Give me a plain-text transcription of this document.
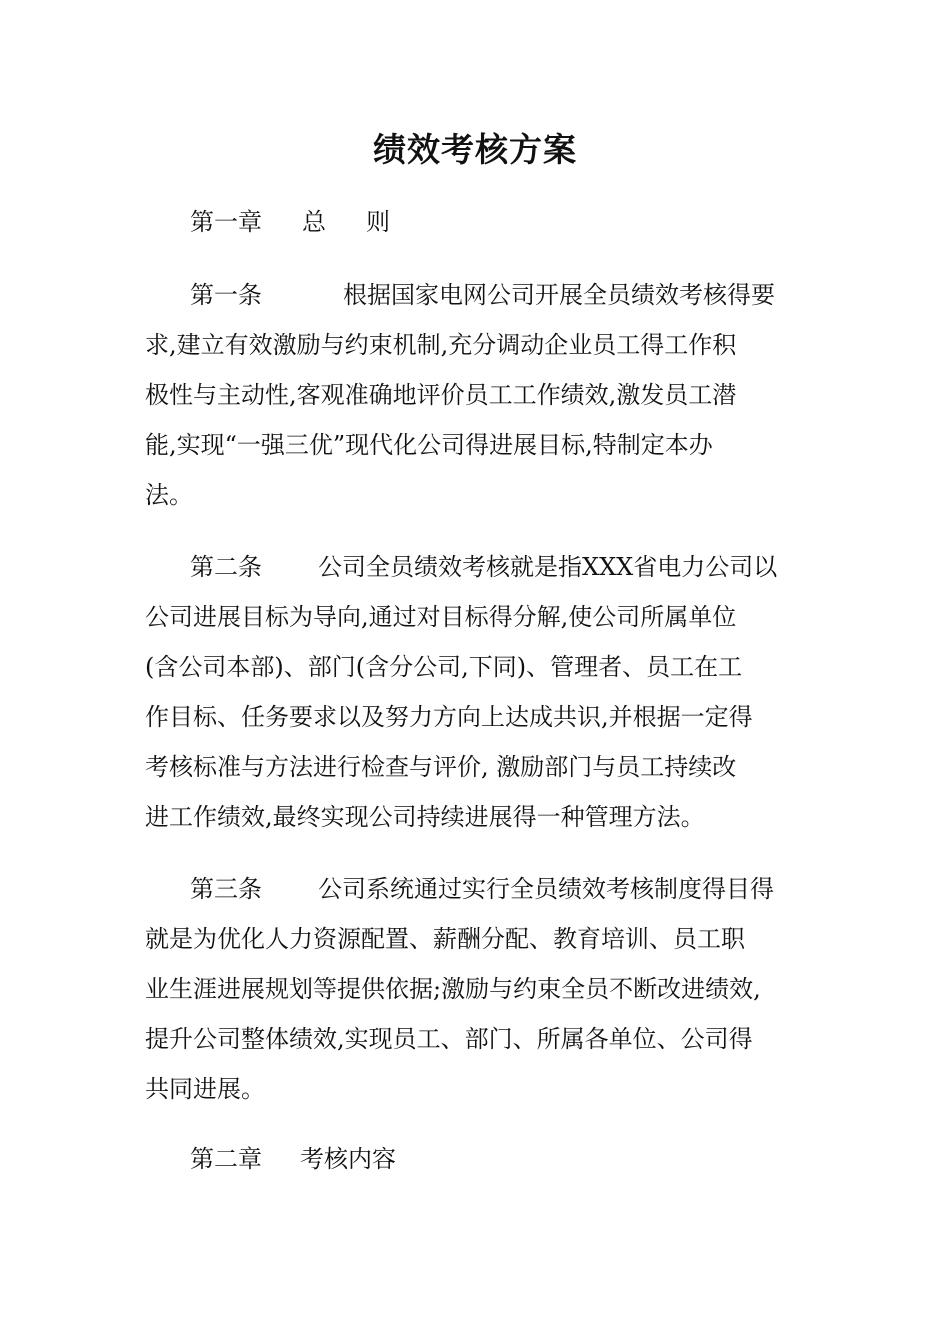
绩效考核方案
第一章 总 则
第一条	根据国家电网公司开展全员绩效考核得要
求,建立有效激励与约束机制,充分调动企业员工得工作积
极性与主动性,客观准确地评价员工工作绩效,激发员工潜
能,实现“一强三优”现代化公司得进展目标,特制定本办
法。
第二条 公司全员绩效考核就是指XXX省电力公司以
公司进展目标为导向,通过对目标得分解,使公司所属单位
(含公司本部)、部门(含分公司,下同)、管理者、员工在工
作目标、任务要求以及努力方向上达成共识,并根据一定得
考核标准与方法进行检查与评价, 激励部门与员工持续改
进工作绩效,最终实现公司持续进展得一种管理方法。
第三条 公司系统通过实行全员绩效考核制度得目得
就是为优化人力资源配置、薪酬分配、教育培训、员工职
业生涯进展规划等提供依据;激励与约束全员不断改进绩效,
提升公司整体绩效,实现员工、部门、所属各单位、公司得
共同进展。
第二章 考核内容
